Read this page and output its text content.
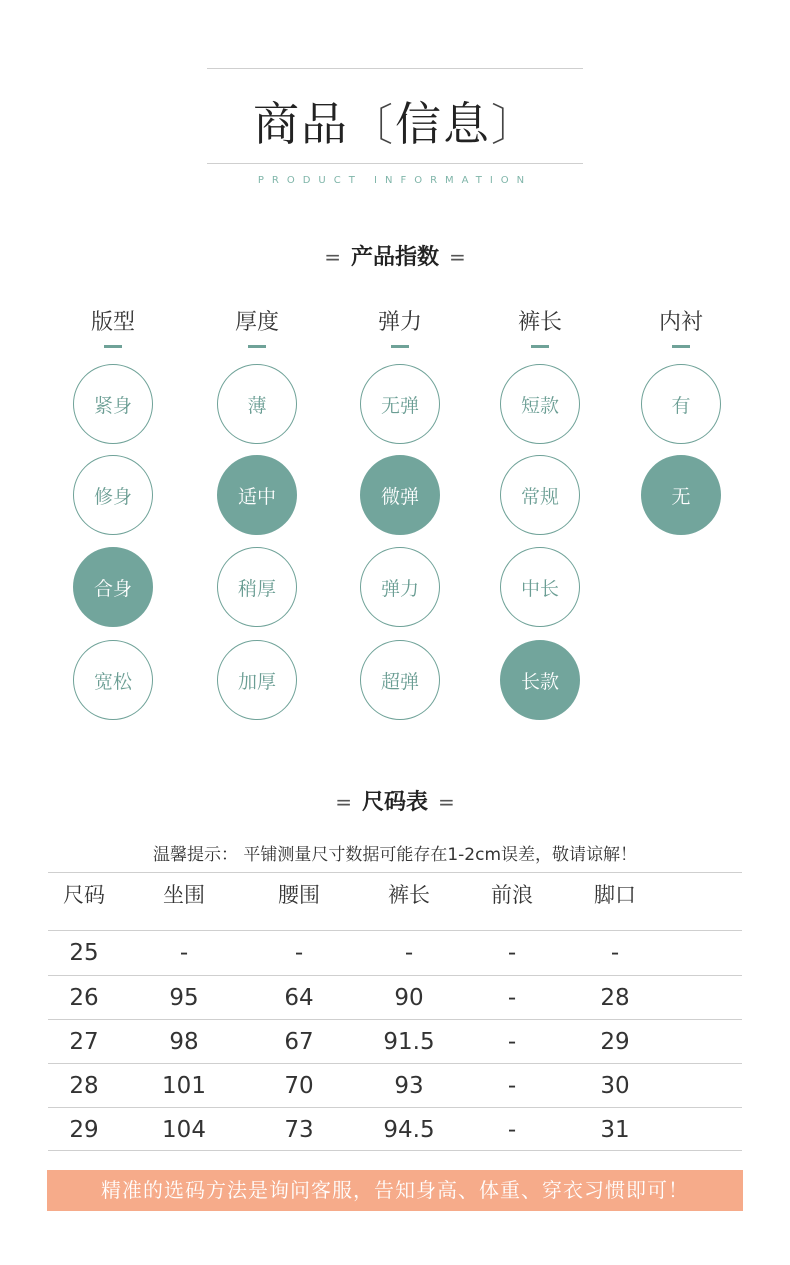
商品〔信息〕
PRODUCT INFORMATION
= 产品指数 =
版型
紧身
修身
合身
宽松
厚度
薄
适中
稍厚
加厚
弹力
无弹
微弹
弹力
超弹
裤长
短款
常规
中长
长款
内衬
有
无
= 尺码表 =
温馨提示： 平铺测量尺寸数据可能存在1-2cm误差，敬请谅解！
尺码	坐围	腰围	裤长	前浪	脚口
25	-	-	-	-	-
26	95	64	90	-	28
27	98	67	91.5	-	29
28	101	70	93	-	30
29	104	73	94.5	-	31
精准的选码方法是询问客服，告知身高、体重、穿衣习惯即可！
